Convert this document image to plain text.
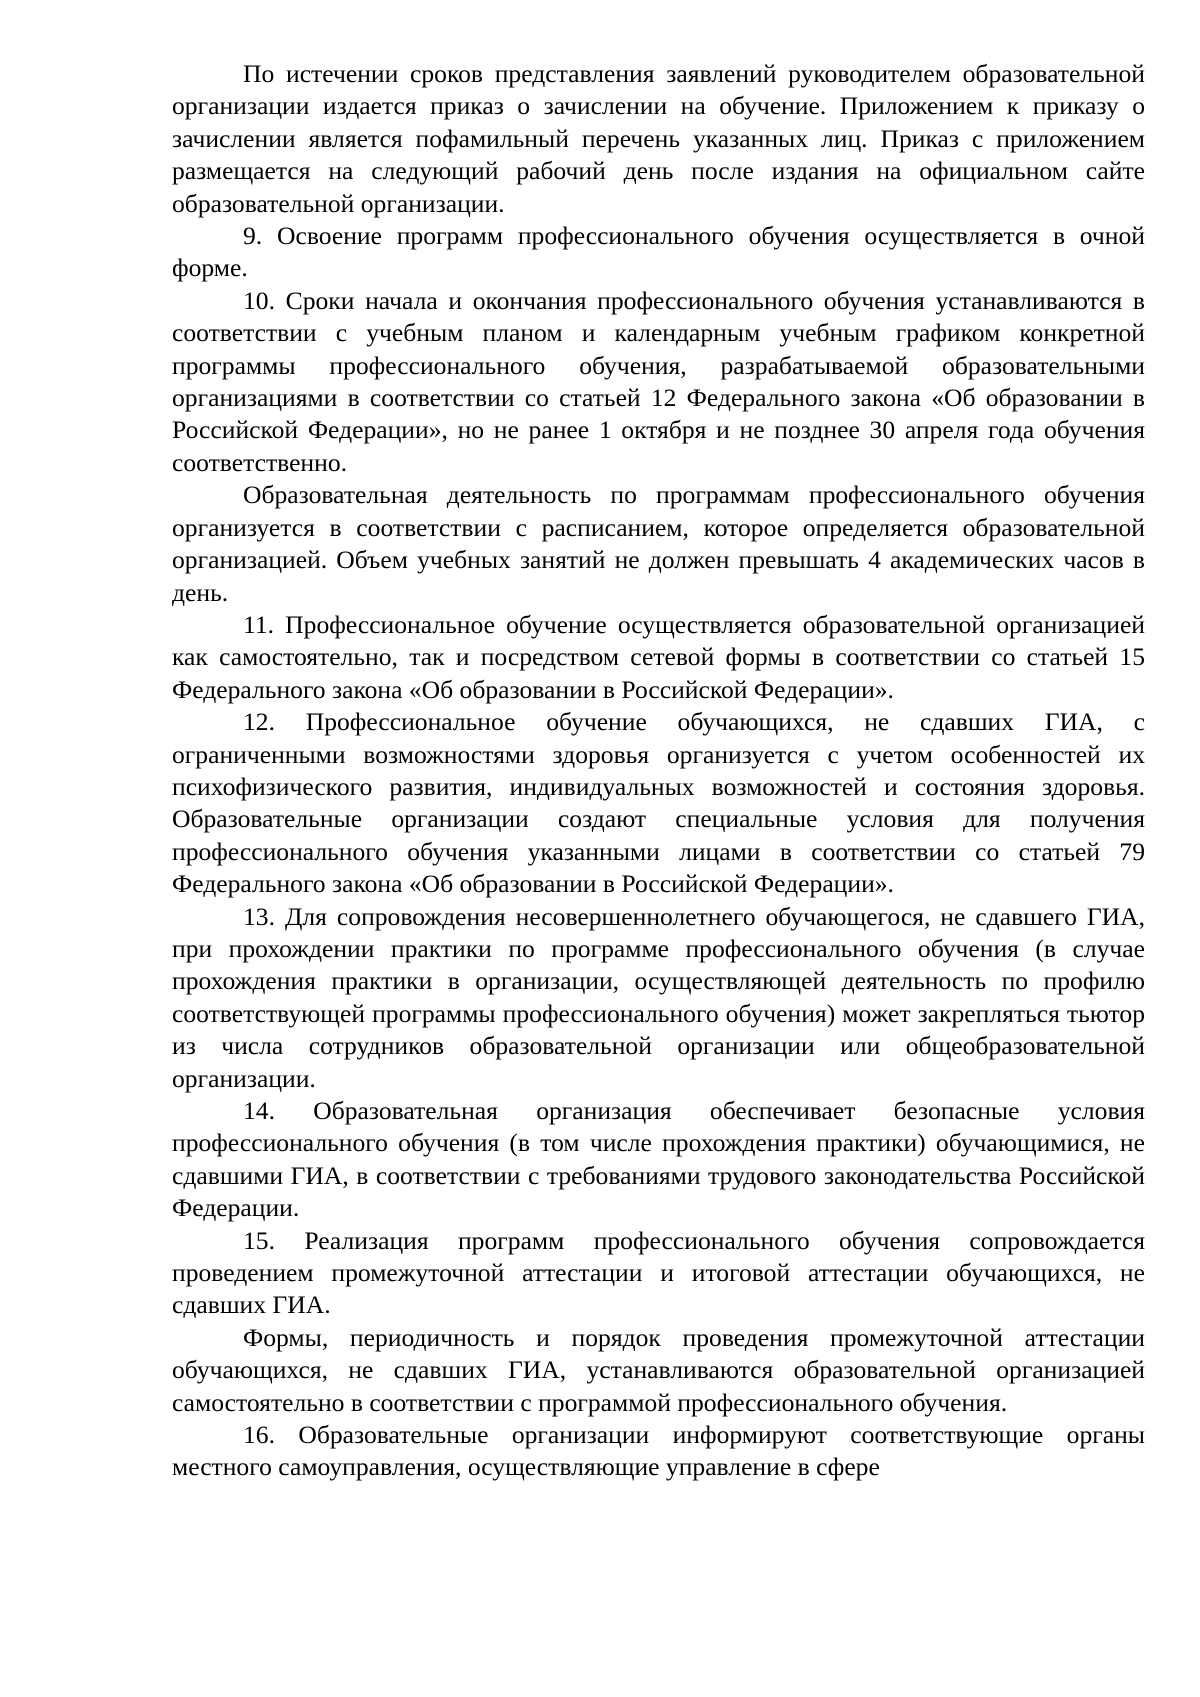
По истечении сроков представления заявлений руководителем образовательной организации издается приказ о зачислении на обучение. Приложением к приказу о зачислении является пофамильный перечень указанных лиц. Приказ с приложением размещается на следующий рабочий день после издания на официальном сайте образовательной организации.

9. Освоение программ профессионального обучения осуществляется в очной форме.

10. Сроки начала и окончания профессионального обучения устанавливаются в соответствии с учебным планом и календарным учебным графиком конкретной программы профессионального обучения, разрабатываемой образовательными организациями в соответствии со статьей 12 Федерального закона «Об образовании в Российской Федерации», но не ранее 1 октября и не позднее 30 апреля года обучения соответственно.

Образовательная деятельность по программам профессионального обучения организуется в соответствии с расписанием, которое определяется образовательной организацией. Объем учебных занятий не должен превышать 4 академических часов в день.

11. Профессиональное обучение осуществляется образовательной организацией как самостоятельно, так и посредством сетевой формы в соответствии со статьей 15 Федерального закона «Об образовании в Российской Федерации».

12. Профессиональное обучение обучающихся, не сдавших ГИА, с ограниченными возможностями здоровья организуется с учетом особенностей их психофизического развития, индивидуальных возможностей и состояния здоровья. Образовательные организации создают специальные условия для получения профессионального обучения указанными лицами в соответствии со статьей 79 Федерального закона «Об образовании в Российской Федерации».

13. Для сопровождения несовершеннолетнего обучающегося, не сдавшего ГИА, при прохождении практики по программе профессионального обучения (в случае прохождения практики в организации, осуществляющей деятельность по профилю соответствующей программы профессионального обучения) может закрепляться тьютор из числа сотрудников образовательной организации или общеобразовательной организации.

14. Образовательная организация обеспечивает безопасные условия профессионального обучения (в том числе прохождения практики) обучающимися, не сдавшими ГИА, в соответствии с требованиями трудового законодательства Российской Федерации.

15. Реализация программ профессионального обучения сопровождается проведением промежуточной аттестации и итоговой аттестации обучающихся, не сдавших ГИА.

Формы, периодичность и порядок проведения промежуточной аттестации обучающихся, не сдавших ГИА, устанавливаются образовательной организацией самостоятельно в соответствии с программой профессионального обучения.

16. Образовательные организации информируют соответствующие органы местного самоуправления, осуществляющие управление в сфере
